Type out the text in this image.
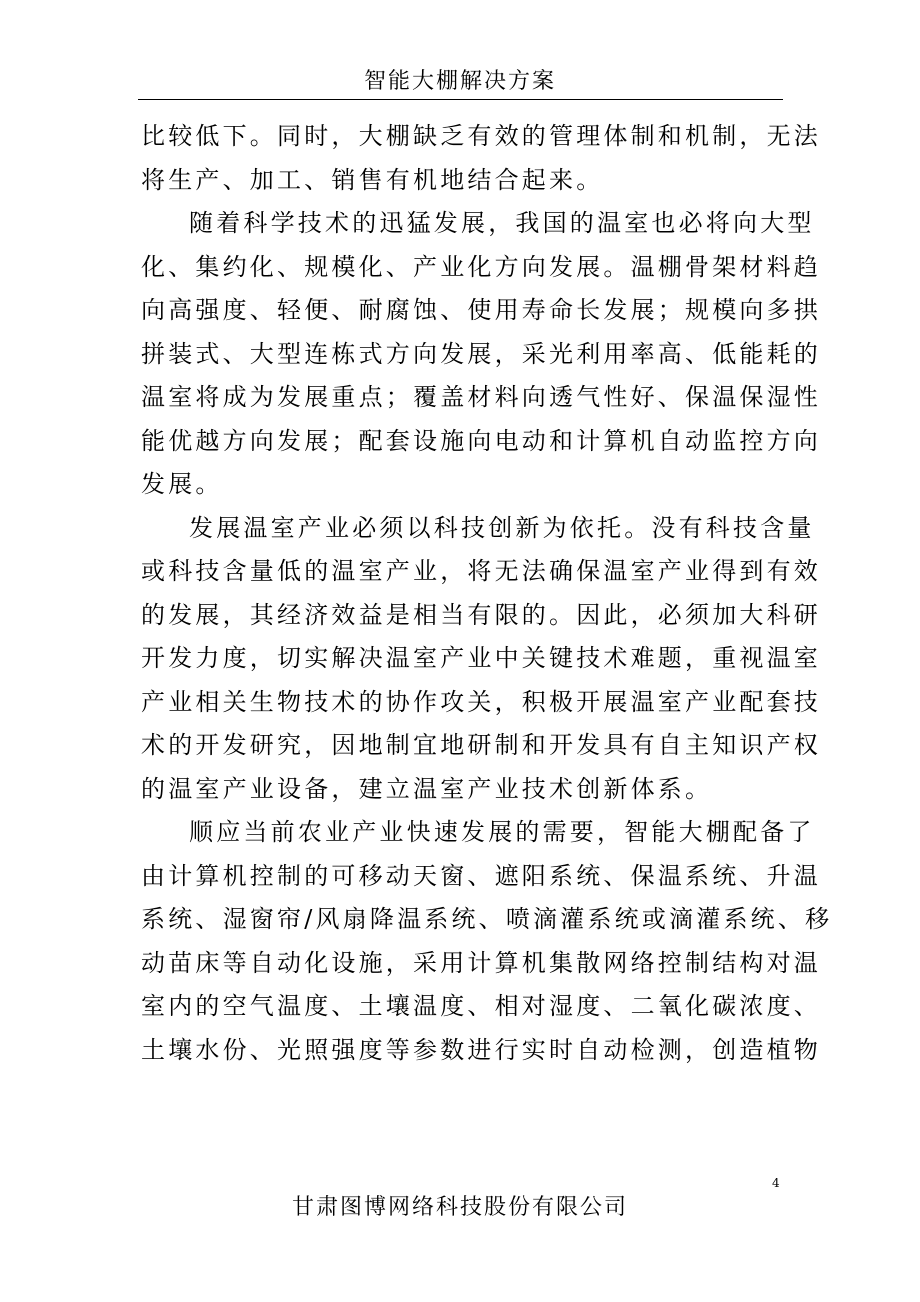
智能大棚解决方案
比较低下。同时，大棚缺乏有效的管理体制和机制，无法
将生产、加工、销售有机地结合起来。
随着科学技术的迅猛发展，我国的温室也必将向大型
化、集约化、规模化、产业化方向发展。温棚骨架材料趋
向高强度、轻便、耐腐蚀、使用寿命长发展；规模向多拱
拼装式、大型连栋式方向发展，采光利用率高、低能耗的
温室将成为发展重点；覆盖材料向透气性好、保温保湿性
能优越方向发展；配套设施向电动和计算机自动监控方向
发展。
发展温室产业必须以科技创新为依托。没有科技含量
或科技含量低的温室产业，将无法确保温室产业得到有效
的发展，其经济效益是相当有限的。因此，必须加大科研
开发力度，切实解决温室产业中关键技术难题，重视温室
产业相关生物技术的协作攻关，积极开展温室产业配套技
术的开发研究，因地制宜地研制和开发具有自主知识产权
的温室产业设备，建立温室产业技术创新体系。
顺应当前农业产业快速发展的需要，智能大棚配备了
由计算机控制的可移动天窗、遮阳系统、保温系统、升温
系统、湿窗帘/风扇降温系统、喷滴灌系统或滴灌系统、移
动苗床等自动化设施，采用计算机集散网络控制结构对温
室内的空气温度、土壤温度、相对湿度、二氧化碳浓度、
土壤水份、光照强度等参数进行实时自动检测，创造植物
4
甘肃图博网络科技股份有限公司
